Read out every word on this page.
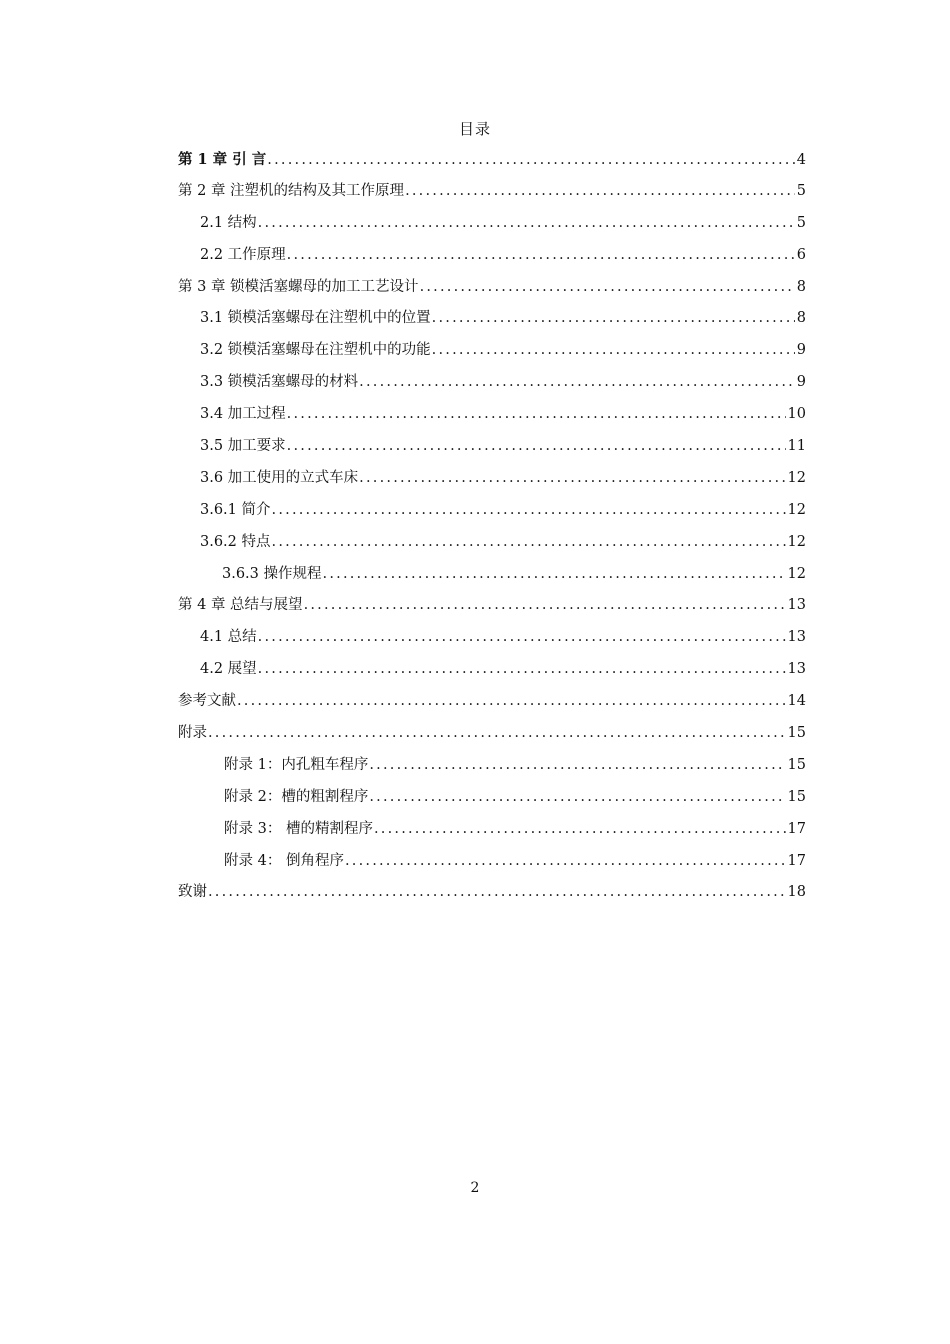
目录
第 1 章 引 言 .....	4
第 2 章 注塑机的结构及其工作原理 .....	5
2.1 结构 .....	5
2.2 工作原理 .....	6
第 3 章 锁模活塞螺母的加工工艺设计 .....	8
3.1 锁模活塞螺母在注塑机中的位置 .....	8
3.2 锁模活塞螺母在注塑机中的功能 .....	9
3.3 锁模活塞螺母的材料 .....	9
3.4 加工过程 .....	10
3.5 加工要求 .....	11
3.6 加工使用的立式车床 .....	12
3.6.1 简介 .....	12
3.6.2 特点 .....	12
3.6.3 操作规程 .....	12
第 4 章 总结与展望 .....	13
4.1 总结 .....	13
4.2 展望 .....	13
参考文献 .....	14
附录 .....	15
附录 1：内孔粗车程序 .....	15
附录 2：槽的粗割程序 .....	15
附录 3： 槽的精割程序 .....	17
附录 4： 倒角程序 .....	17
致谢 .....	18
2
